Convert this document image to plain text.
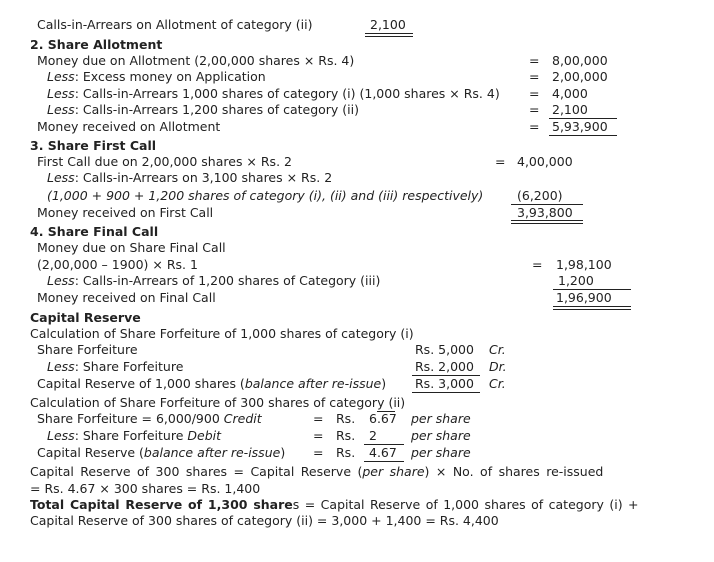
Calls-in-Arrears on Allotment of category (ii)	2,100
2. Share Allotment
Money due on Allotment (2,00,000 shares × Rs. 4)	= 8,00,000
Less: Excess money on Application	= 2,00,000
Less: Calls-in-Arrears 1,000 shares of category (i) (1,000 shares × Rs. 4) = 4,000
Less: Calls-in-Arrears 1,200 shares of category (ii)	= 2,100
Money received on Allotment	= 5,93,900
3. Share First Call
First Call due on 2,00,000 shares × Rs. 2	= 4,00,000
Less: Calls-in-Arrears on 3,100 shares × Rs. 2
(1,000 + 900 + 1,200 shares of category (i), (ii) and (iii) respectively)	(6,200)
Money received on First Call	3,93,800
4. Share Final Call
Money due on Share Final Call
(2,00,000 – 1900) × Rs. 1	= 1,98,100
Less: Calls-in-Arrears of 1,200 shares of Category (iii)	1,200
Money received on Final Call	1,96,900
Capital Reserve
Calculation of Share Forfeiture of 1,000 shares of category (i)
Share Forfeiture	Rs. 5,000 Cr.
Less: Share Forfeiture	Rs. 2,000 Dr.
Capital Reserve of 1,000 shares (balance after re-issue) Rs. 3,000 Cr.
Calculation of Share Forfeiture of 300 shares of category (ii)
Share Forfeiture = 6,000/900 Credit	= Rs. 6.67 per share
Less: Share Forfeiture Debit	= Rs. 2	per share
Capital Reserve (balance after re-issue) = Rs. 4.67 per share
Capital Reserve of 300 shares = Capital Reserve (per share) × No. of shares re-issued
= Rs. 4.67 × 300 shares = Rs. 1,400
Total Capital Reserve of 1,300 shares = Capital Reserve of 1,000 shares of category (i) +
Capital Reserve of 300 shares of category (ii) = 3,000 + 1,400 = Rs. 4,400
